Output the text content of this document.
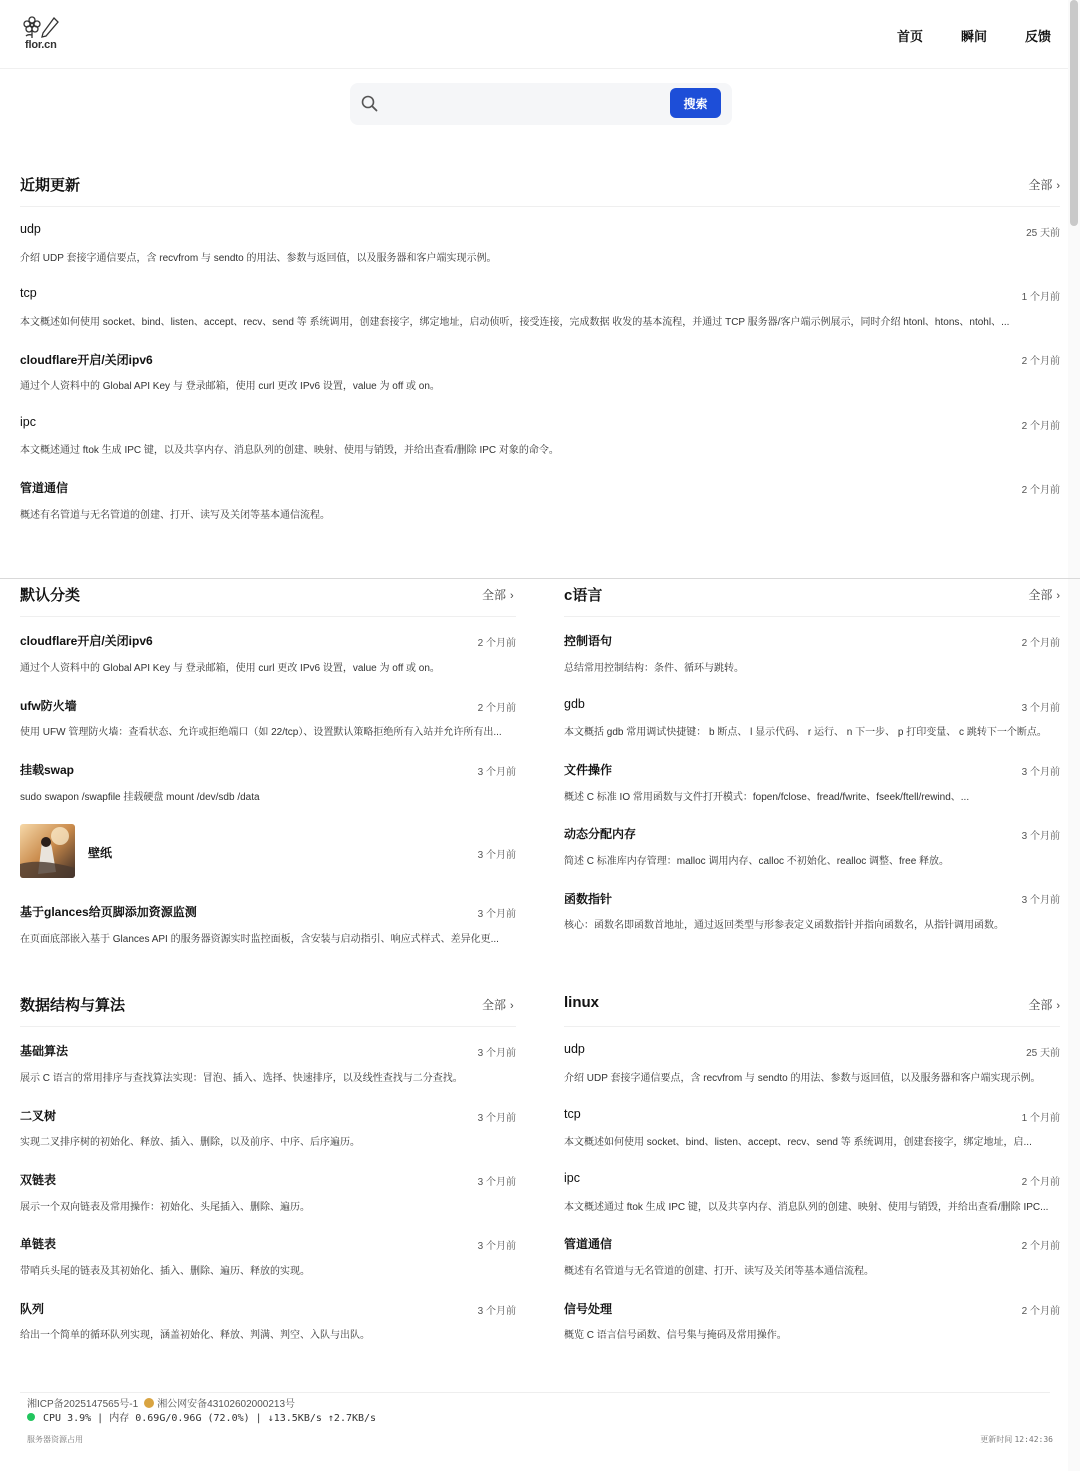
flor.cn
首页	瞬间	反馈
搜索
近期更新	全部 ›
udp	25 天前
介绍 UDP 套接字通信要点，含 recvfrom 与 sendto 的用法、参数与返回值，以及服务器和客户端实现示例。
tcp	1 个月前
本文概述如何使用 socket、bind、listen、accept、recv、send 等 系统调用，创建套接字，绑定地址，启动侦听，接受连接，完成数据 收发的基本流程，并通过 TCP 服务器/客户端示例展示，同时介绍 htonl、htons、ntohl、...
cloudflare开启/关闭ipv6	2 个月前
通过个人资料中的 Global API Key 与 登录邮箱，使用 curl 更改 IPv6 设置，value 为 off 或 on。
ipc	2 个月前
本文概述通过 ftok 生成 IPC 键，以及共享内存、消息队列的创建、映射、使用与销毁，并给出查看/删除 IPC 对象的命令。
管道通信	2 个月前
概述有名管道与无名管道的创建、打开、读写及关闭等基本通信流程。
默认分类	全部 ›
cloudflare开启/关闭ipv6	2 个月前
通过个人资料中的 Global API Key 与 登录邮箱，使用 curl 更改 IPv6 设置，value 为 off 或 on。
ufw防火墙	2 个月前
使用 UFW 管理防火墙：查看状态、允许或拒绝端口（如 22/tcp）、设置默认策略拒绝所有入站并允许所有出...
挂载swap	3 个月前
sudo swapon /swapfile 挂载硬盘 mount /dev/sdb /data
壁纸	3 个月前
基于glances给页脚添加资源监测	3 个月前
在页面底部嵌入基于 Glances API 的服务器资源实时监控面板，含安装与启动指引、响应式样式、差异化更...
c语言	全部 ›
控制语句	2 个月前
总结常用控制结构：条件、循环与跳转。
gdb	3 个月前
本文概括 gdb 常用调试快捷键： b 断点、 l 显示代码、 r 运行、 n 下一步、 p 打印变量、 c 跳转下一个断点。
文件操作	3 个月前
概述 C 标准 IO 常用函数与文件打开模式：fopen/fclose、fread/fwrite、fseek/ftell/rewind、...
动态分配内存	3 个月前
简述 C 标准库内存管理：malloc 调用内存、calloc 不初始化、realloc 调整、free 释放。
函数指针	3 个月前
核心：函数名即函数首地址，通过返回类型与形参表定义函数指针并指向函数名，从指针调用函数。
数据结构与算法	全部 ›
基础算法	3 个月前
展示 C 语言的常用排序与查找算法实现：冒泡、插入、选择、快速排序，以及线性查找与二分查找。
二叉树	3 个月前
实现二叉排序树的初始化、释放、插入、删除，以及前序、中序、后序遍历。
双链表	3 个月前
展示一个双向链表及常用操作：初始化、头尾插入、删除、遍历。
单链表	3 个月前
带哨兵头尾的链表及其初始化、插入、删除、遍历、释放的实现。
队列	3 个月前
给出一个简单的循环队列实现，涵盖初始化、释放、判满、判空、入队与出队。
linux	全部 ›
udp	25 天前
介绍 UDP 套接字通信要点，含 recvfrom 与 sendto 的用法、参数与返回值，以及服务器和客户端实现示例。
tcp	1 个月前
本文概述如何使用 socket、bind、listen、accept、recv、send 等 系统调用，创建套接字，绑定地址，启...
ipc	2 个月前
本文概述通过 ftok 生成 IPC 键，以及共享内存、消息队列的创建、映射、使用与销毁，并给出查看/删除 IPC...
管道通信	2 个月前
概述有名管道与无名管道的创建、打开、读写及关闭等基本通信流程。
信号处理	2 个月前
概览 C 语言信号函数、信号集与掩码及常用操作。
湘ICP备2025147565号-1 湘公网安备43102602000213号
CPU 3.9% | 内存 0.69G/0.96G (72.0%) | ↓13.5KB/s ↑2.7KB/s
服务器资源占用	更新时间 12:42:36
